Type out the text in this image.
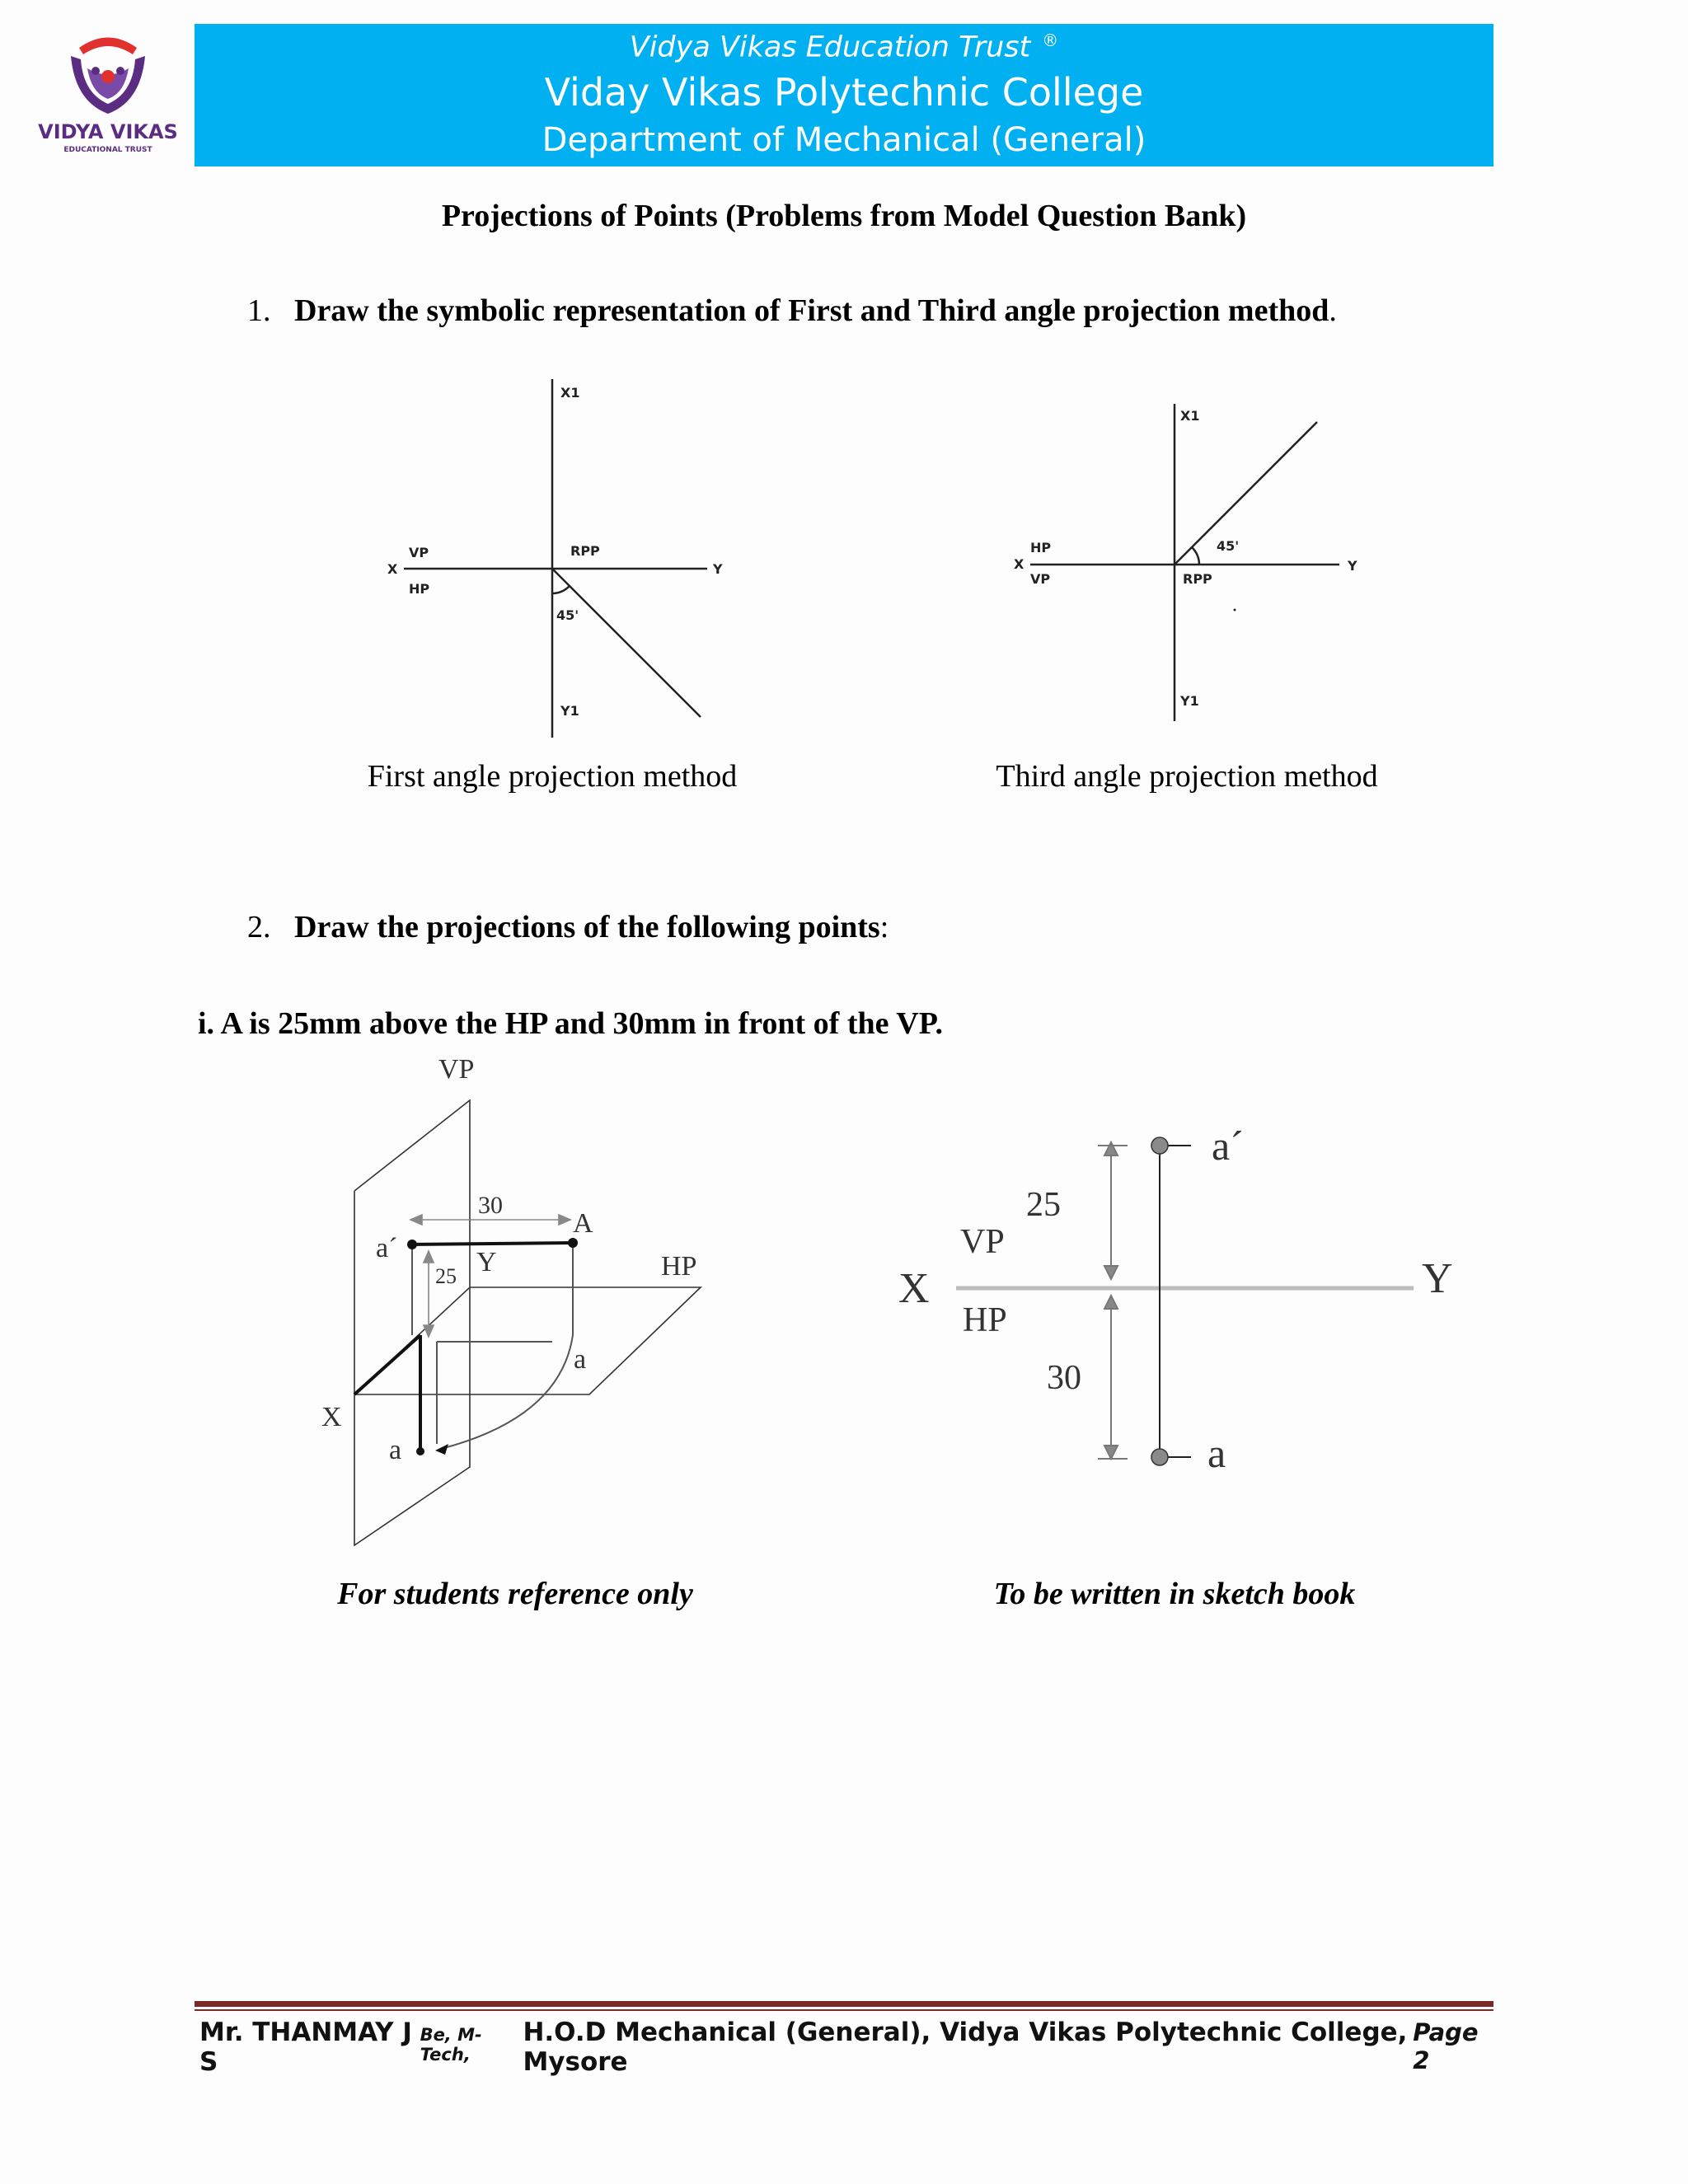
VIDYA VIKAS
EDUCATIONAL TRUST
Vidya Vikas Education Trust ®
Viday Vikas Polytechnic College
Department of Mechanical (General)
Projections of Points (Problems from Model Question Bank)
1. Draw the symbolic representation of First and Third angle projection method.
X1
Y1
X	Y
VP
HP
RPP
45'
First angle projection method
X1
Y1
X	Y
HP
VP	RPP
45'
Third angle projection method
2. Draw the projections of the following points:
i. A is 25mm above the HP and 30mm in front of the VP.
VP
HP
X
Y
A
a´
a
a
30
25
For students reference only
X	Y
VP
HP
25
30
a´
a
To be written in sketch book
Mr. THANMAY J S
Be, M-Tech,
H.O.D Mechanical (General), Vidya Vikas Polytechnic College, Mysore
Page 2
